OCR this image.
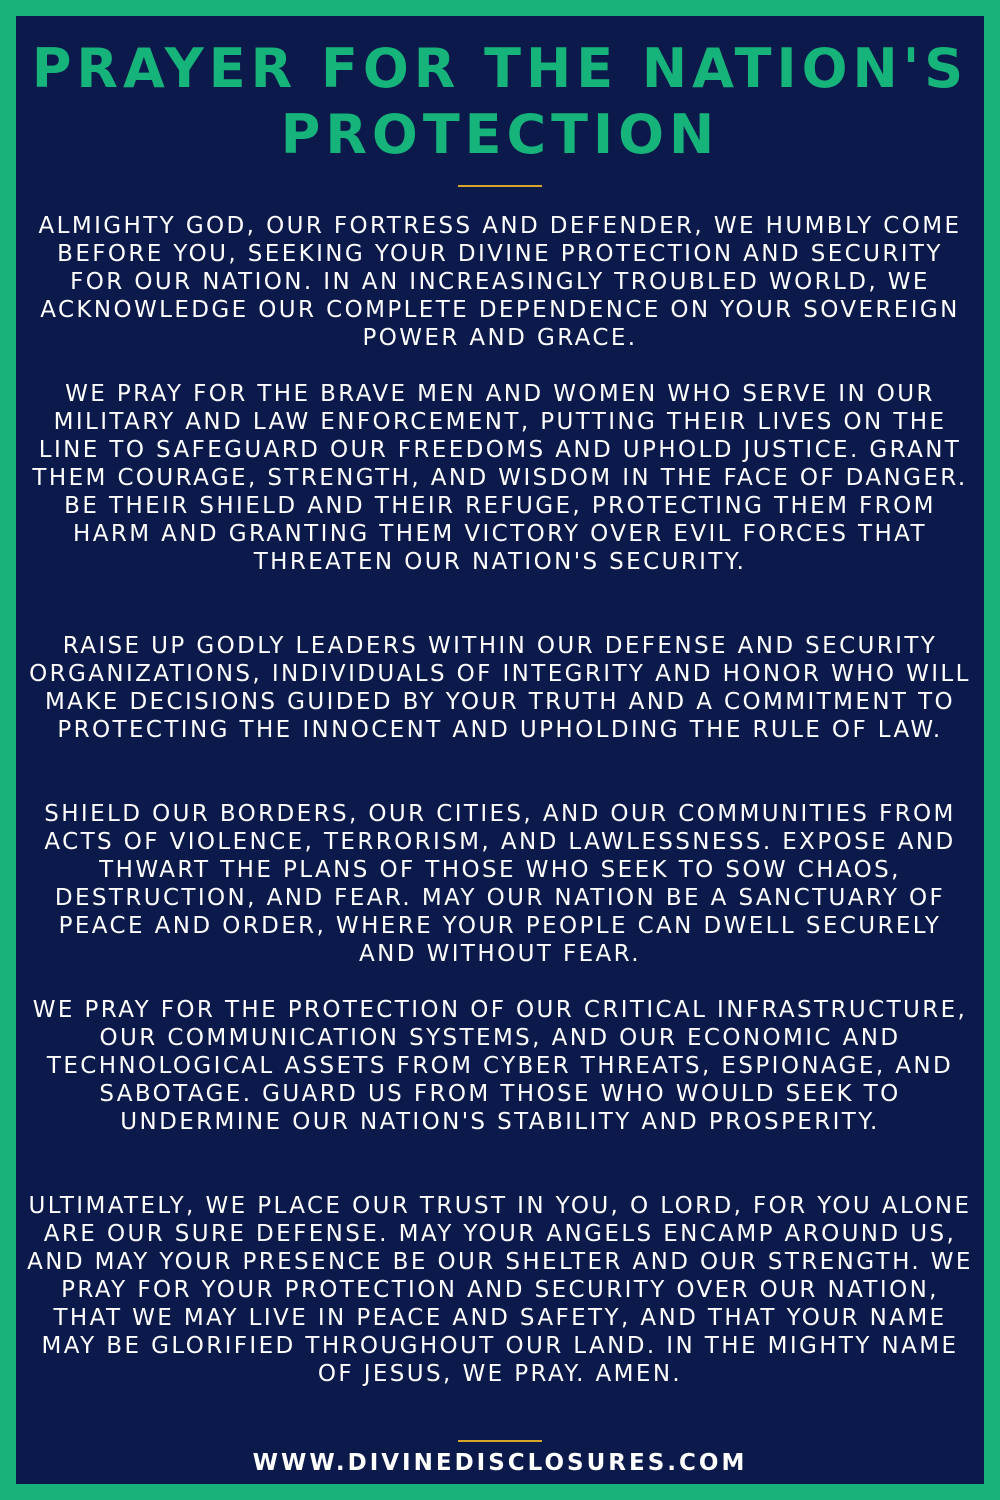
PRAYER FOR THE NATION'S PROTECTION

ALMIGHTY GOD, OUR FORTRESS AND DEFENDER, WE HUMBLY COME BEFORE YOU, SEEKING YOUR DIVINE PROTECTION AND SECURITY FOR OUR NATION. IN AN INCREASINGLY TROUBLED WORLD, WE ACKNOWLEDGE OUR COMPLETE DEPENDENCE ON YOUR SOVEREIGN POWER AND GRACE.

WE PRAY FOR THE BRAVE MEN AND WOMEN WHO SERVE IN OUR MILITARY AND LAW ENFORCEMENT, PUTTING THEIR LIVES ON THE LINE TO SAFEGUARD OUR FREEDOMS AND UPHOLD JUSTICE. GRANT THEM COURAGE, STRENGTH, AND WISDOM IN THE FACE OF DANGER. BE THEIR SHIELD AND THEIR REFUGE, PROTECTING THEM FROM HARM AND GRANTING THEM VICTORY OVER EVIL FORCES THAT THREATEN OUR NATION'S SECURITY.

RAISE UP GODLY LEADERS WITHIN OUR DEFENSE AND SECURITY ORGANIZATIONS, INDIVIDUALS OF INTEGRITY AND HONOR WHO WILL MAKE DECISIONS GUIDED BY YOUR TRUTH AND A COMMITMENT TO PROTECTING THE INNOCENT AND UPHOLDING THE RULE OF LAW.

SHIELD OUR BORDERS, OUR CITIES, AND OUR COMMUNITIES FROM ACTS OF VIOLENCE, TERRORISM, AND LAWLESSNESS. EXPOSE AND THWART THE PLANS OF THOSE WHO SEEK TO SOW CHAOS, DESTRUCTION, AND FEAR. MAY OUR NATION BE A SANCTUARY OF PEACE AND ORDER, WHERE YOUR PEOPLE CAN DWELL SECURELY AND WITHOUT FEAR.

WE PRAY FOR THE PROTECTION OF OUR CRITICAL INFRASTRUCTURE, OUR COMMUNICATION SYSTEMS, AND OUR ECONOMIC AND TECHNOLOGICAL ASSETS FROM CYBER THREATS, ESPIONAGE, AND SABOTAGE. GUARD US FROM THOSE WHO WOULD SEEK TO UNDERMINE OUR NATION'S STABILITY AND PROSPERITY.

ULTIMATELY, WE PLACE OUR TRUST IN YOU, O LORD, FOR YOU ALONE ARE OUR SURE DEFENSE. MAY YOUR ANGELS ENCAMP AROUND US, AND MAY YOUR PRESENCE BE OUR SHELTER AND OUR STRENGTH. WE PRAY FOR YOUR PROTECTION AND SECURITY OVER OUR NATION, THAT WE MAY LIVE IN PEACE AND SAFETY, AND THAT YOUR NAME MAY BE GLORIFIED THROUGHOUT OUR LAND. IN THE MIGHTY NAME OF JESUS, WE PRAY. AMEN.

WWW.DIVINEDISCLOSURES.COM
